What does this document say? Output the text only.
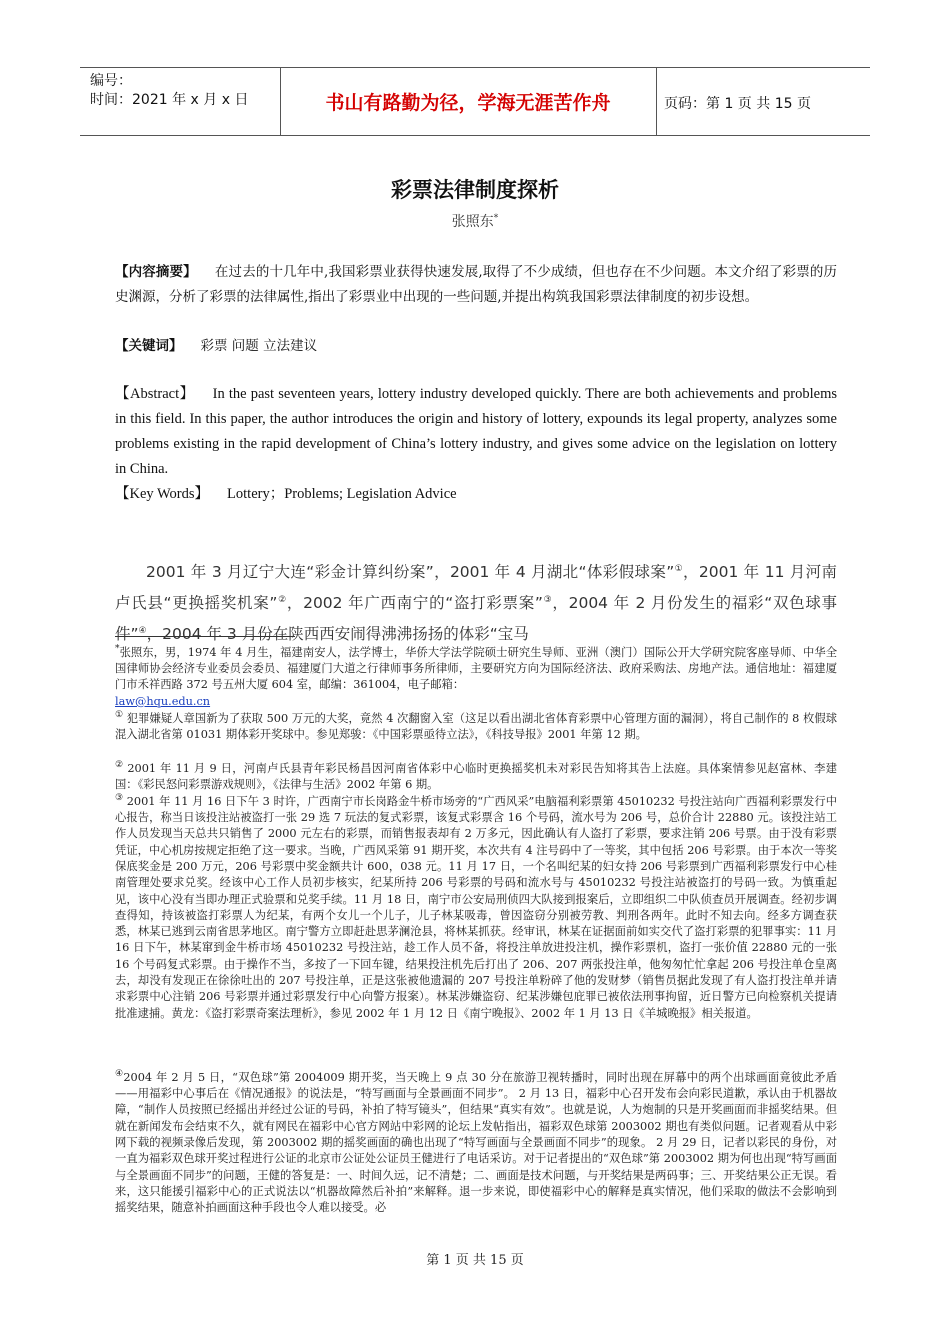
编号：
时间：2021 年 x 月 x 日	书山有路勤为径，学海无涯苦作舟	页码：第 1 页 共 15 页
彩票法律制度探析
张照东*
【内容摘要】 在过去的十几年中,我国彩票业获得快速发展,取得了不少成绩，但也存在不少问题。本文介绍了彩票的历史渊源，分析了彩票的法律属性,指出了彩票业中出现的一些问题,并提出构筑我国彩票法律制度的初步设想。
【关键词】 彩票 问题 立法建议
【Abstract】 In the past seventeen years, lottery industry developed quickly. There are both achievements and problems in this field. In this paper, the author introduces the origin and history of lottery, expounds its legal property, analyzes some problems existing in the rapid development of China’s lottery industry, and gives some advice on the legislation on lottery in China.
【Key Words】 Lottery；Problems; Legislation Advice
2001 年 3 月辽宁大连“彩金计算纠纷案”，2001 年 4 月湖北“体彩假球案”①，2001 年 11 月河南卢氏县“更换摇奖机案”②，2002 年广西南宁的“盗打彩票案”③，2004 年 2 月份发生的福彩“双色球事件”④，2004 年 3 月份在陕西西安闹得沸沸扬扬的体彩“宝马
*张照东，男，1974 年 4 月生，福建南安人，法学博士，华侨大学法学院硕士研究生导师、亚洲（澳门）国际公开大学研究院客座导师、中华全国律师协会经济专业委员会委员、福建厦门大道之行律师事务所律师，主要研究方向为国际经济法、政府采购法、房地产法。通信地址：福建厦门市禾祥西路 372 号五州大厦 604 室，邮编：361004，电子邮箱：
law@hqu.edu.cn
① 犯罪嫌疑人章国新为了获取 500 万元的大奖，竟然 4 次翻窗入室（这足以看出湖北省体育彩票中心管理方面的漏洞），将自己制作的 8 枚假球混入湖北省第 01031 期体彩开奖球中。参见郑骏：《中国彩票亟待立法》，《科技导报》2001 年第 12 期。
② 2001 年 11 月 9 日，河南卢氏县青年彩民杨昌因河南省体彩中心临时更换摇奖机未对彩民告知将其告上法庭。具体案情参见赵富林、李建国：《彩民怒问彩票游戏规则》，《法律与生活》2002 年第 6 期。
③ 2001 年 11 月 16 日下午 3 时许，广西南宁市长岗路金牛桥市场旁的“广西风采”电脑福利彩票第 45010232 号投注站向广西福利彩票发行中心报告，称当日该投注站被盗打一张 29 选 7 玩法的复式彩票，该复式彩票含 16 个号码，流水号为 206 号，总价合计 22880 元。该投注站工作人员发现当天总共只销售了 2000 元左右的彩票，而销售报表却有 2 万多元，因此确认有人盗打了彩票，要求注销 206 号票。由于没有彩票凭证，中心机房按规定拒绝了这一要求。当晚，广西风采第 91 期开奖，本次共有 4 注号码中了一等奖，其中包括 206 号彩票。由于本次一等奖保底奖金是 200 万元，206 号彩票中奖金额共计 600，038 元。11 月 17 日，一个名叫纪某的妇女持 206 号彩票到广西福利彩票发行中心桂南管理处要求兑奖。经该中心工作人员初步核实，纪某所持 206 号彩票的号码和流水号与 45010232 号投注站被盗打的号码一致。为慎重起见，该中心没有当即办理正式验票和兑奖手续。11 月 18 日，南宁市公安局刑侦四大队接到报案后，立即组织二中队侦查员开展调查。经初步调查得知，持该被盗打彩票人为纪某，有两个女儿一个儿子，儿子林某吸毒，曾因盗窃分别被劳教、判刑各两年。此时不知去向。经多方调查获悉，林某已逃到云南省思茅地区。南宁警方立即赶赴思茅澜沧县，将林某抓获。经审讯，林某在证据面前如实交代了盗打彩票的犯罪事实：11 月 16 日下午，林某窜到金牛桥市场 45010232 号投注站，趁工作人员不备，将投注单放进投注机，操作彩票机，盗打一张价值 22880 元的一张 16 个号码复式彩票。由于操作不当，多按了一下回车键，结果投注机先后打出了 206、207 两张投注单，他匆匆忙忙拿起 206 号投注单仓皇离去，却没有发现正在徐徐吐出的 207 号投注单，正是这张被他遗漏的 207 号投注单粉碎了他的发财梦（销售员据此发现了有人盗打投注单并请求彩票中心注销 206 号彩票并通过彩票发行中心向警方报案）。林某涉嫌盗窃、纪某涉嫌包庇罪已被依法刑事拘留，近日警方已向检察机关提请批准逮捕。黄龙：《盗打彩票奇案法理析》，参见 2002 年 1 月 12 日《南宁晚报》、2002 年 1 月 13 日《羊城晚报》相关报道。
④2004 年 2 月 5 日，“双色球”第 2004009 期开奖，当天晚上 9 点 30 分在旅游卫视转播时，同时出现在屏幕中的两个出球画面竟彼此矛盾——用福彩中心事后在《情况通报》的说法是，“特写画面与全景画面不同步”。 2 月 13 日，福彩中心召开发布会向彩民道歉，承认由于机器故障，“制作人员按照已经摇出并经过公证的号码，补拍了特写镜头”，但结果“真实有效”。也就是说，人为炮制的只是开奖画面而非摇奖结果。但就在新闻发布会结束不久，就有网民在福彩中心官方网站中彩网的论坛上发帖指出，福彩双色球第 2003002 期也有类似问题。记者观看从中彩网下载的视频录像后发现，第 2003002 期的摇奖画面的确也出现了“特写画面与全景画面不同步”的现象。 2 月 29 日，记者以彩民的身份，对一直为福彩双色球开奖过程进行公证的北京市公证处公证员王健进行了电话采访。对于记者提出的“双色球”第 2003002 期为何也出现“特写画面与全景画面不同步”的问题，王健的答复是：一、时间久远，记不清楚；二、画面是技术问题，与开奖结果是两码事；三、开奖结果公正无误。看来，这只能援引福彩中心的正式说法以“机器故障然后补拍”来解释。退一步来说，即使福彩中心的解释是真实情况，他们采取的做法不会影响到摇奖结果，随意补拍画面这种手段也令人难以接受。必
第 1 页 共 15 页
